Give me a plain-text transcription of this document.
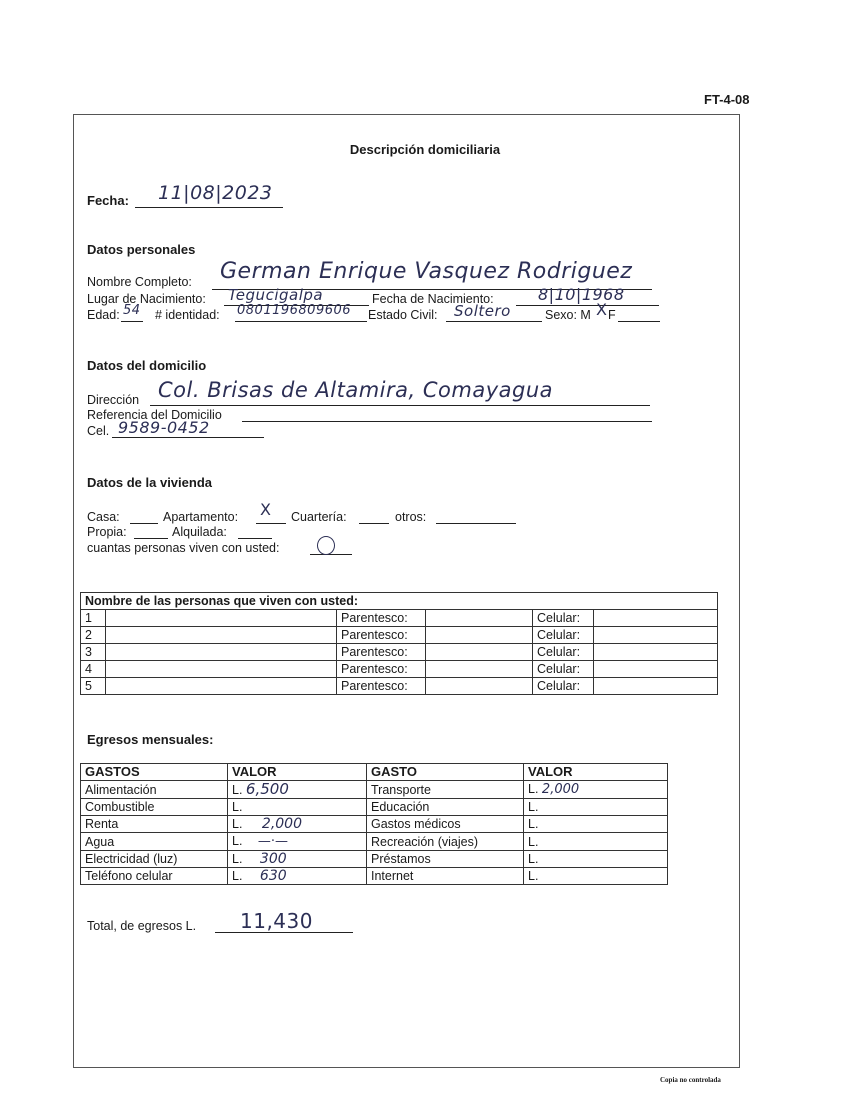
FT-4-08
Descripción domiciliaria
Fecha: 11|08|2023
Datos personales
Nombre Completo: German Enrique Vasquez Rodriguez
Lugar de Nacimiento: Tegucigalpa	Fecha de Nacimiento:	8|10|1968
Edad: 54 # identidad: 0801196809606 Estado Civil: Soltero	Sexo: M X F
Datos del domicilio
Dirección Col. Brisas de Altamira, Comayagua
Referencia del Domicilio
Cel. 9589-0452
Datos de la vivienda
Casa:	Apartamento: X Cuartería:	otros:
Propia:	Alquilada:
cuantas personas viven con usted:
Nombre de las personas que viven con usted:					
1		Parentesco:		Celular:	
2		Parentesco:		Celular:	
3		Parentesco:		Celular:	
4		Parentesco:		Celular:	
5		Parentesco:		Celular:	
Egresos mensuales:
GASTOS	VALOR	GASTO	VALOR
Alimentación	L. 6,500	Transporte	L. 2,000
Combustible	L.	Educación	L.
Renta	L. 2,000	Gastos médicos	L.
Agua	L. —·—	Recreación (viajes)	L.
Electricidad (luz)	L. 300	Préstamos	L.
Teléfono celular	L. 630	Internet	L.
Total, de egresos L. 11,430
Copia no controlada
